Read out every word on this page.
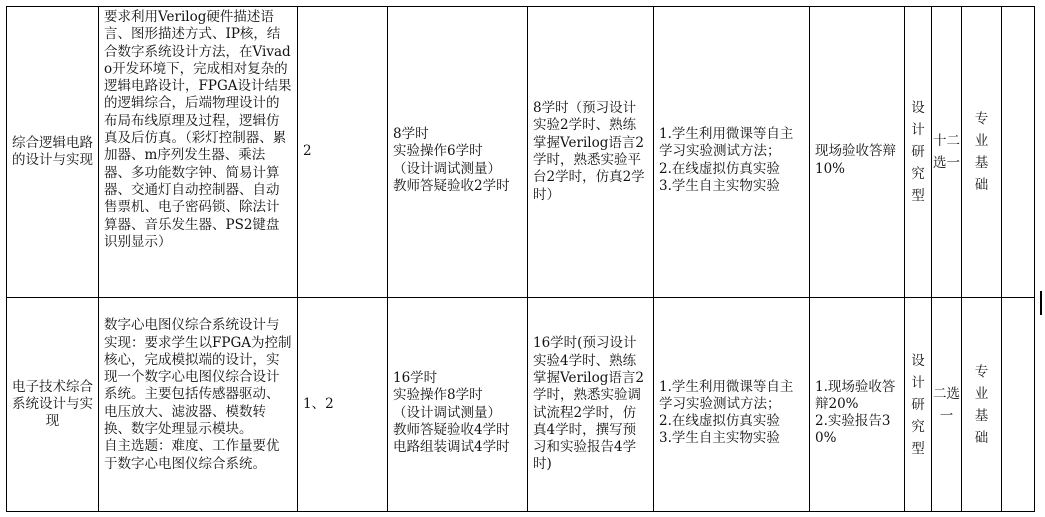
综合逻辑电路的设计与实现	要求利用Verilog硬件描述语言、图形描述方式、IP核，结合数字系统设计方法，在Vivado开发环境下，完成相对复杂的逻辑电路设计，FPGA设计结果的逻辑综合，后端物理设计的布局布线原理及过程，逻辑仿真及后仿真。（彩灯控制器、累加器、m序列发生器、乘法器、多功能数字钟、简易计算器、交通灯自动控制器、自动售票机、电子密码锁、除法计算器、音乐发生器、PS2键盘识别显示）	2	8学时
实验操作6学时
（设计调试测量）
教师答疑验收2学时	8学时（预习设计实验2学时、熟练掌握Verilog语言2学时，熟悉实验平台2学时，仿真2学时）	1.学生利用微课等自主学习实验测试方法；
2.在线虚拟仿真实验
3.学生自主实物实验	现场验收答辩10%	设计研究型	十二选一	专业基础	

电子技术综合系统设计与实现	数字心电图仪综合系统设计与实现：要求学生以FPGA为控制核心，完成模拟端的设计，实现一个数字心电图仪综合设计系统。主要包括传感器驱动、电压放大、滤波器、模数转换、数字处理显示模块。
自主选题：难度、工作量要优于数字心电图仪综合系统。	1、2	16学时
实验操作8学时
（设计调试测量）
教师答疑验收4学时
电路组装调试4学时	16学时(预习设计实验4学时、熟练掌握Verilog语言2学时，熟悉实验调试流程2学时，仿真4学时，撰写预习和实验报告4学时)	1.学生利用微课等自主学习实验测试方法；
2.在线虚拟仿真实验
3.学生自主实物实验	1.现场验收答辩20%
2.实验报告30%	设计研究型	二选一	专业基础	
